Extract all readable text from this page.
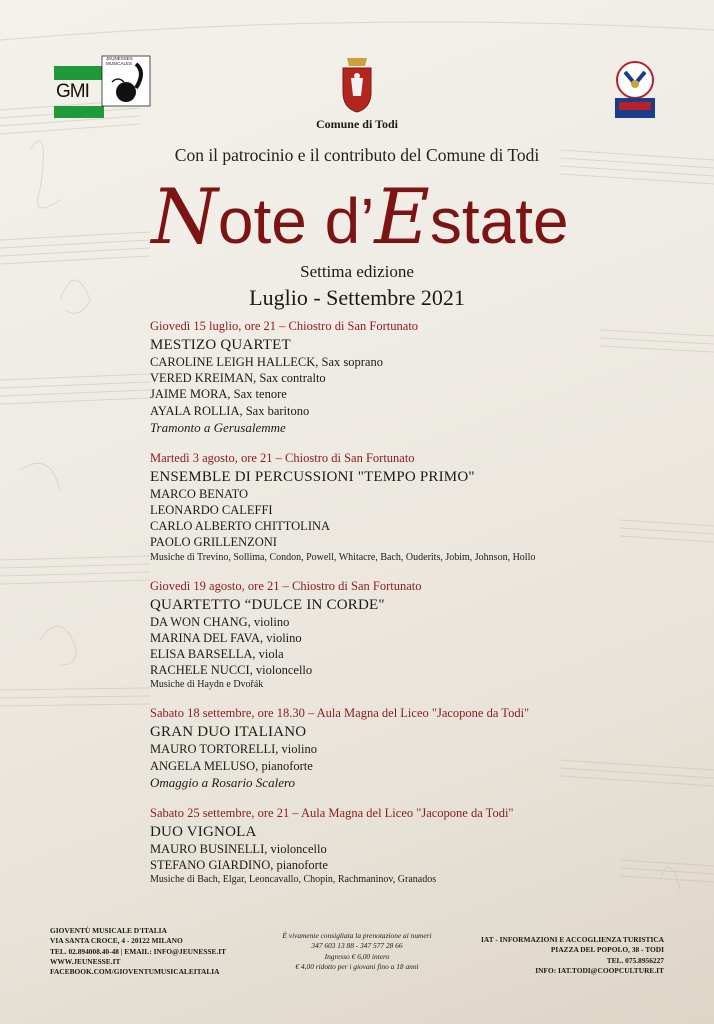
JEUNESSES MUSICALES
GMI
Comune di Todi
Con il patrocinio e il contributo del Comune di Todi
Note d’Estate
Settima edizione
Luglio - Settembre 2021
Giovedì 15 luglio, ore 21 – Chiostro di San Fortunato
MESTIZO QUARTET
CAROLINE LEIGH HALLECK, Sax soprano
VERED KREIMAN, Sax contralto
JAIME MORA, Sax tenore
AYALA ROLLIA, Sax baritono
Tramonto a Gerusalemme
Martedì 3 agosto, ore 21 – Chiostro di San Fortunato
ENSEMBLE DI PERCUSSIONI "TEMPO PRIMO"
MARCO BENATO
LEONARDO CALEFFI
CARLO ALBERTO CHITTOLINA
PAOLO GRILLENZONI
Musiche di Trevino, Sollima, Condon, Powell, Whitacre, Bach, Ouderits, Jobim, Johnson, Hollo
Giovedì 19 agosto, ore 21 – Chiostro di San Fortunato
QUARTETTO “DULCE IN CORDE"
DA WON CHANG, violino
MARINA DEL FAVA, violino
ELISA BARSELLA, viola
RACHELE NUCCI, violoncello
Musiche di Haydn e Dvořák
Sabato 18 settembre, ore 18.30 – Aula Magna del Liceo "Jacopone da Todi"
GRAN DUO ITALIANO
MAURO TORTORELLI, violino
ANGELA MELUSO, pianoforte
Omaggio a Rosario Scalero
Sabato 25 settembre, ore 21 – Aula Magna del Liceo "Jacopone da Todi"
DUO VIGNOLA
MAURO BUSINELLI, violoncello
STEFANO GIARDINO, pianoforte
Musiche di Bach, Elgar, Leoncavallo, Chopin, Rachmaninov, Granados
GIOVENTÙ MUSICALE D'ITALIA
VIA SANTA CROCE, 4 - 20122 MILANO
TEL. 02.894008.40-48 | EMAIL: INFO@JEUNESSE.IT
WWW.JEUNESSE.IT
FACEBOOK.COM/GIOVENTUMUSICALEITALIA
È vivamente consigliata la prenotazione ai numeri
347 603 13 88 - 347 577 28 66
Ingresso € 6,00 intero
€ 4,00 ridotto per i giovani fino a 18 anni
IAT - INFORMAZIONI E ACCOGLIENZA TURISTICA
PIAZZA DEL POPOLO, 38 - TODI
TEL. 075.8956227
INFO: IAT.TODI@COOPCULTURE.IT
